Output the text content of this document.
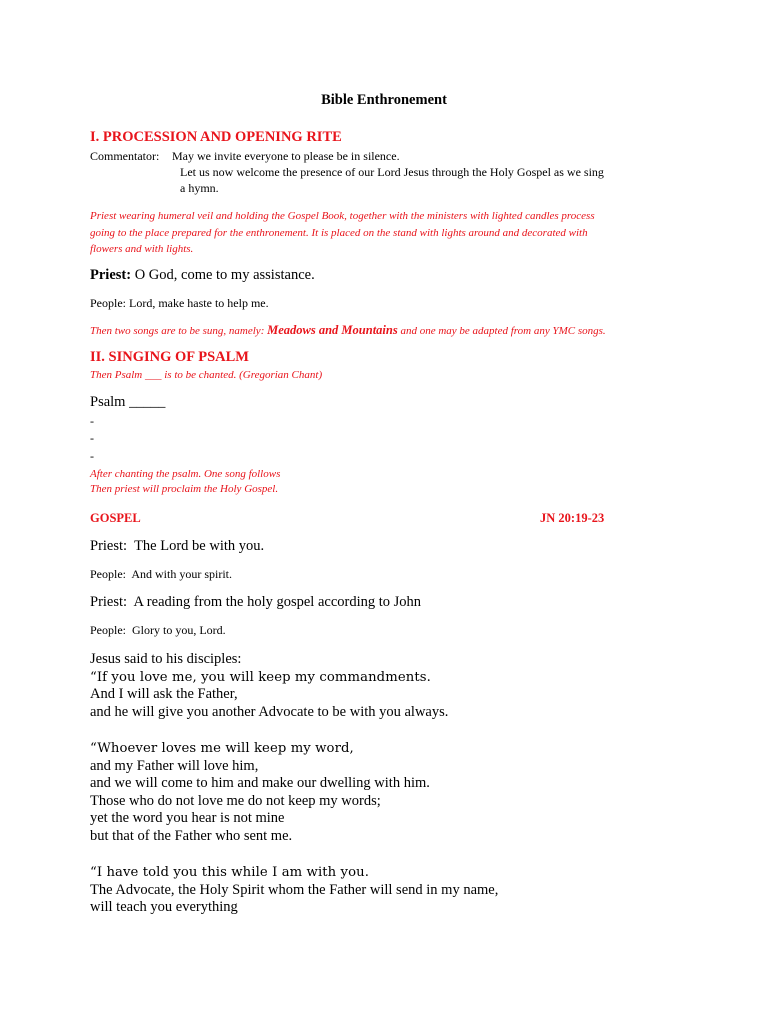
Bible Enthronement
I. PROCESSION AND OPENING RITE
Commentator: May we invite everyone to please be in silence.
Let us now welcome the presence of our Lord Jesus through the Holy Gospel as we sing
a hymn.
Priest wearing humeral veil and holding the Gospel Book, together with the ministers with lighted candles process
going to the place prepared for the enthronement. It is placed on the stand with lights around and decorated with
flowers and with lights.
Priest: O God, come to my assistance.
People: Lord, make haste to help me.
Then two songs are to be sung, namely: Meadows and Mountains and one may be adapted from any YMC songs.
II. SINGING OF PSALM
Then Psalm ___ is to be chanted. (Gregorian Chant)
Psalm _____
-
-
-
After chanting the psalm. One song follows
Then priest will proclaim the Holy Gospel.
GOSPEL	JN 20:19-23
Priest: The Lord be with you.
People: And with your spirit.
Priest: A reading from the holy gospel according to John
People: Glory to you, Lord.
Jesus said to his disciples:
“If you love me, you will keep my commandments.
And I will ask the Father,
and he will give you another Advocate to be with you always.
“Whoever loves me will keep my word,
and my Father will love him,
and we will come to him and make our dwelling with him.
Those who do not love me do not keep my words;
yet the word you hear is not mine
but that of the Father who sent me.
“I have told you this while I am with you.
The Advocate, the Holy Spirit whom the Father will send in my name,
will teach you everything
